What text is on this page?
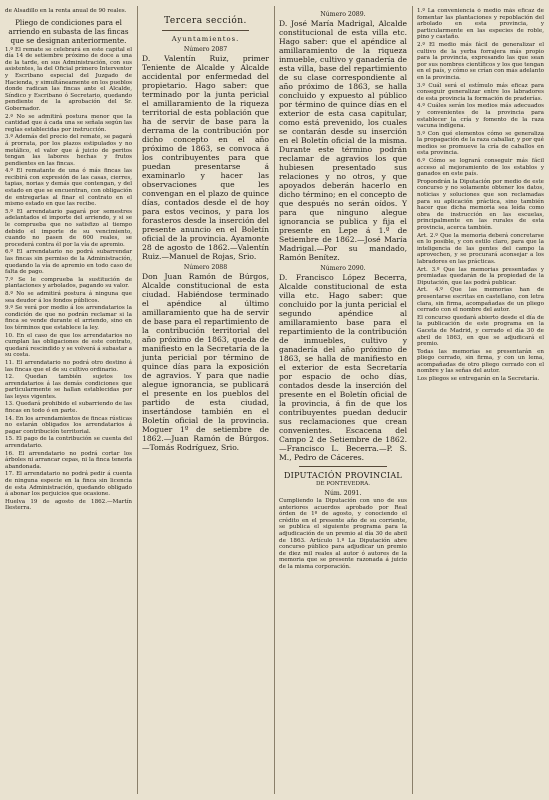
de Alsadillo en la renta anual de 90 reales.

Pliego de condiciones para el arriendo en subasta de las fincas que se designan anteriormente.

1.º El remate se celebrará en este capital el día 14 de setiembre próximo de doce a una de la tarde, en sus Administración, con sus asistentes, la del Oficial primero Interventor y Escribano especial del Juzgado de Hacienda, y simultáneamente en los pueblos donde radican las fincas ante el Alcalde, Síndico y Escribano ó Secretario, quedando pendiente de la aprobación del Sr. Gobernador.

2.º No se admitirá postura menor que la cantidad que á cada una se señala según las reglas establecidas por instrucción.

3.º Además del precio del remate, se pagará á prorrata, por los plazos estipulados y no metálico, el valor que á juicio de peritos tengan las labores hechas y frutos pendientes en las fincas.

4.º El rematante de una ó más fincas las recibirá con expresión de las casas, cierres, tapias, norias y demás que contengan, y del estado en que se encuentran, con obligación de entregarlas al finar el contrato en el mismo estado en que las recibe.

5.º El arrendatario pagará por semestres adelantados el importe del arriendo, y si se le comprueba que no satisfizo al tiempo debido el importe de su vencimiento, cuando no pasen de 600 reales, se procederá contra él por la vía de apremio.

6.º El arrendatario no podrá subarrendar las fincas sin permiso de la Administración, quedando la vía de apremio en todo caso de falta de pago.

7.º Se le comprueba la sustitución de plantaciones y arbolados, pagando su valor.

8.º No se admitirá postura á ninguna que sea deudor á los fondos públicos.

9.º Se verá por medio á los arrendatarios la condición de que no podrán reclamar si la finca se vende durante el arriendo, sino en los términos que establece la ley.

10. En el caso de que los arrendatarios no cumplan las obligaciones de este contrato, quedará rescindido y se volverá á subastar a su costa.

11. El arrendatario no podrá otro destino á las fincas que el de su cultivo ordinario.

12. Quedan también sujetos los arrendatarios á las demás condiciones que particularmente se hallan establecidas por las leyes vigentes.

13. Quedará prohibido el subarriendo de las fincas en todo ó en parte.

14. En los arrendamientos de fincas rústicas no estarán obligados los arrendatarios á pagar contribución territorial.

15. El pago de la contribución se cuenta del arrendatario.

16. El arrendatario no podrá cortar los árboles ni arrancar cepas, ni la finca tenerla abandonada.

17. El arrendatario no podrá pedir á cuenta de ninguna especie en la finca sin licencia de esta Administración, quedando obligado á abonar los perjuicios que ocasione.

Huelva 19 de agosto de 1862.—Martín Ilesterra.

Tercera sección.
Ayuntamientos.
Número 2087

D. Valentín Ruiz, primer Teniente de Alcalde y Alcalde accidental por enfermedad del propietario. Hago saber: que terminado por la junta pericial el amillaramiento de la riqueza territorial de esta población que ha de servir de base para la derrama de la contribución por dicho concepto en el año próximo de 1863, se convoca á los contribuyentes para que puedan presentarse á examinarlo y hacer las observaciones que les convengan en el plazo de quince días, contados desde el de hoy para estos vecinos, y para los forasteros desde la inserción del presente anuncio en el Boletín oficial de la provincia. Ayamonte 28 de agosto de 1862.—Valentín Ruiz.—Manuel de Rojas, Srio.

Número 2088

Don Juan Ramón de Búrgos, Alcalde constitucional de esta ciudad. Habiéndose terminado el apéndice al último amillaramiento que ha de servir de base para el repartimiento de la contribución territorial del año próximo de 1863, queda de manifiesto en la Secretaría de la junta pericial por término de quince días para la exposición de agravios. Y para que nadie alegue ignorancia, se publicará el presente en los pueblos del partido de esta ciudad, insertándose también en el Boletín oficial de la provincia. Moguer 1º de setiembre de 1862.—Juan Ramón de Búrgos.—Tomás Rodríguez, Srio.

Número 2089.

D. José María Madrigal, Alcalde constitucional de esta villa etc. Hago saber: que el apéndice al amillaramiento de la riqueza inmueble, cultivo y ganadería de esta villa, base del repartimiento de su clase correspondiente al año próximo de 1863, se halla concluido y expuesto al público por término de quince días en el exterior de esta casa capitular, como está prevenido, los cuales se contarán desde su inserción en el Boletín oficial de la misma. Durante este término podrán reclamar de agravios los que hubiesen presentado sus relaciones y no otros, y que apoyados deberán hacerlo en dicho término; en el concepto de que después no serán oídos. Y para que ninguno alegue ignorancia se publica y fija el presente en Lepe á 1.º de Setiembre de 1862.—José María Madrigal.—Por su mandado, Ramón Benítez.

Número 2090.

D. Francisco López Becerra, Alcalde constitucional de esta villa etc. Hago saber: que concluido por la junta pericial el segundo apéndice al amillaramiento base para el repartimiento de la contribución de inmuebles, cultivo y ganadería del año próximo de 1863, se halla de manifiesto en el exterior de esta Secretaría por espacio de ocho días, contados desde la inserción del presente en el Boletín oficial de la provincia, á fin de que los contribuyentes puedan deducir sus reclamaciones que crean convenientes. Escacena del Campo 2 de Setiembre de 1862.—Francisco L. Becerra.—P. S. M., Pedro de Cáceres.

DIPUTACIÓN PROVINCIAL
DE PONTEVEDRA.
Núm. 2091.

Cumpliendo la Diputación con uno de sus anteriores acuerdos aprobado por Real órden de 1º de agosto, y conociendo el crédito en el presente año de su corriente, se publica el siguiente programa para la adjudicación de un premio al día 30 de abril de 1863. Artículo 1.º La Diputación abre concurso público para adjudicar un premio de diez mil reales al autor ó autores de la memoria que se presente razonada á juicio de la misma corporación.

1.º La conveniencia ó medio más eficaz de fomentar las plantaciones y repoblación del arbolado en esta provincia, y particularmente en las especies de roble, pino y castaño.

2.º El medio más fácil de generalizar el cultivo de la yerba forrajera más propio para la provincia, expresando las que sean por sus nombres científicos y los que tengan en el país, y cómo se crían con más adelanto en la provincia.

3.º Cuál será el estímulo más eficaz para conseguir generalizar entre los labradores de esta provincia la formación de praderías.

4.º Cuáles serán los medios más adecuados y convenientes de la provincia para establecer la cría y fomento de la raza vacuna indígena.

5.º Con qué elementos cómo se generaliza la propagación de la raza caballar, y por qué medios se promueve la cría de caballos en esta provincia.

6.º Cómo se logrará conseguir más fácil acceso al mejoramiento de los establos y ganados en este país.

Propondrán la Diputación por medio de este concurso y no solamente obtener los datos, noticias y soluciones que son reclamadas para su aplicación práctica, sino también hacer que dicha memoria sea leída como obra de instrucción en las escuelas, principalmente en las rurales de esta provincia, acerca también.

Art. 2.º Que la memoria deberá concretarse en lo posible, y con estilo claro, para que la inteligencia de las gentes del campo la aprovechen, y se procurará aconsejar a los labradores en las prácticas.

Art. 3.º Que las memorias presentadas y premiadas quedarán de la propiedad de la Diputación, que las podrá publicar.

Art. 4.º Que las memorias han de presentarse escritas en castellano, con letra clara, sin firma, acompañadas de un pliego cerrado con el nombre del autor.

El concurso quedará abierto desde el día de la publicación de este programa en la Gaceta de Madrid, y cerrado el día 30 de abril de 1863, en que se adjudicará el premio.

Todas las memorias se presentarán en pliego cerrado, sin firma, y con un lema, acompañadas de otro pliego cerrado con el nombre y las señas del autor.

Los pliegos se entregarán en la Secretaría.
